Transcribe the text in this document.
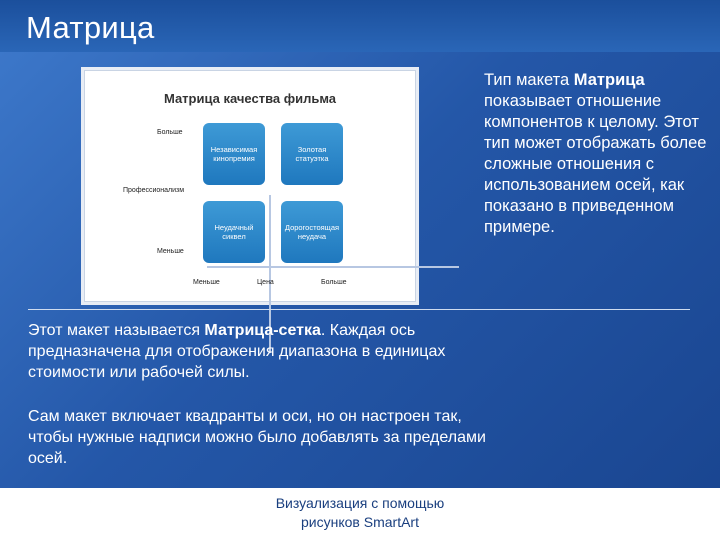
Матрица
Матрица качества фильма
Независимая кинопремия
Золотая статуэтка
Неудачный сиквел
Дорогостоящая неудача
Больше
Профессионализм
Меньше
Меньше	Цена	Больше
Тип макета Матрица показывает отношение компонентов к целому. Этот тип может отображать более сложные отношения с использованием осей, как показано в приведенном примере.
Этот макет называется Матрица-сетка. Каждая ось предназначена для отображения диапазона в единицах стоимости или рабочей силы.
Сам макет включает квадранты и оси, но он настроен так, чтобы нужные надписи можно было добавлять за пределами осей.
Визуализация с помощью
рисунков SmartArt
